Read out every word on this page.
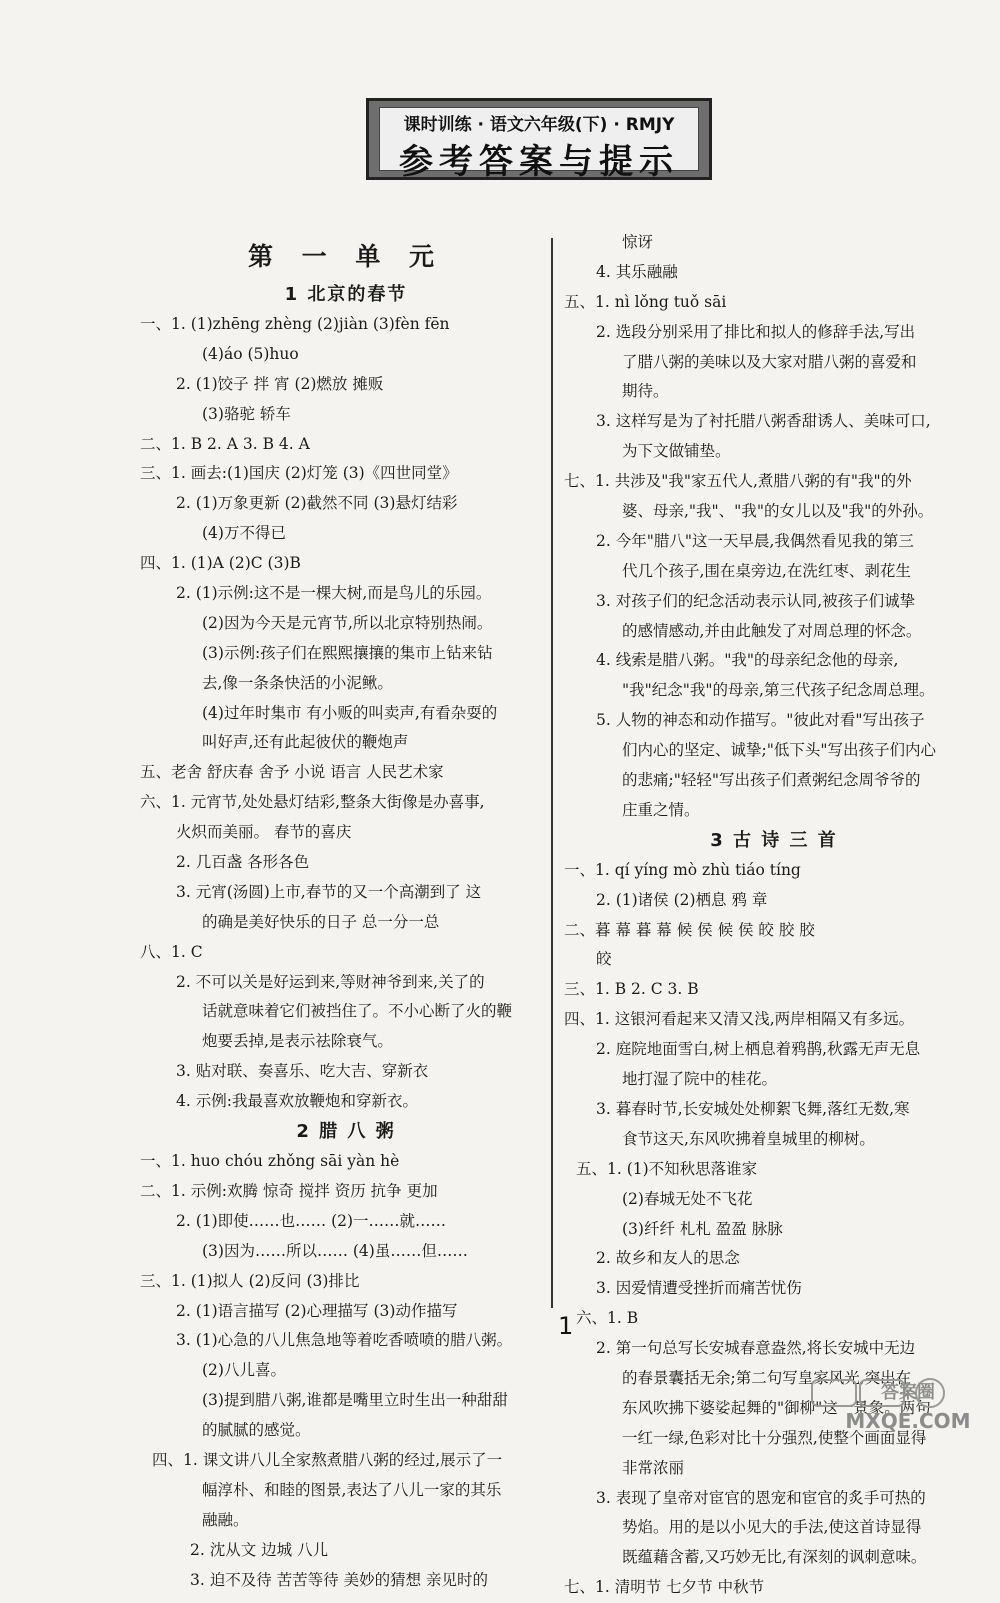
课时训练 · 语文六年级(下) · RMJY
参考答案与提示
第 一 单 元
1 北京的春节
一、1. (1)zhēng zhèng (2)jiàn (3)fèn fēn
(4)áo (5)huo
2. (1)饺子 拌 宵 (2)燃放 摊贩
(3)骆驼 轿车
二、1. B 2. A 3. B 4. A
三、1. 画去:(1)国庆 (2)灯笼 (3)《四世同堂》
2. (1)万象更新 (2)截然不同 (3)悬灯结彩
(4)万不得已
四、1. (1)A (2)C (3)B
2. (1)示例:这不是一棵大树,而是鸟儿的乐园。
(2)因为今天是元宵节,所以北京特别热闹。
(3)示例:孩子们在熙熙攘攘的集市上钻来钻
去,像一条条快活的小泥鳅。
(4)过年时集市 有小贩的叫卖声,有看杂耍的
叫好声,还有此起彼伏的鞭炮声
五、老舍 舒庆春 舍予 小说 语言 人民艺术家
六、1. 元宵节,处处悬灯结彩,整条大街像是办喜事,
火炽而美丽。 春节的喜庆
2. 几百盏 各形各色
3. 元宵(汤圆)上市,春节的又一个高潮到了 这
的确是美好快乐的日子 总一分一总
八、1. C
2. 不可以关是好运到来,等财神爷到来,关了的
话就意味着它们被挡住了。不小心断了火的鞭
炮要丢掉,是表示祛除衰气。
3. 贴对联、奏喜乐、吃大吉、穿新衣
4. 示例:我最喜欢放鞭炮和穿新衣。
2 腊 八 粥
一、1. huo chóu zhǒng sāi yàn hè
二、1. 示例:欢腾 惊奇 搅拌 资历 抗争 更加
2. (1)即使……也…… (2)一……就……
(3)因为……所以…… (4)虽……但……
三、1. (1)拟人 (2)反问 (3)排比
2. (1)语言描写 (2)心理描写 (3)动作描写
3. (1)心急的八儿焦急地等着吃香喷喷的腊八粥。
(2)八儿喜。
(3)提到腊八粥,谁都是嘴里立时生出一种甜甜
的腻腻的感觉。
四、1. 课文讲八儿全家熬煮腊八粥的经过,展示了一
幅淳朴、和睦的图景,表达了八儿一家的其乐
融融。
2. 沈从文 边城 八儿
3. 迫不及待 苦苦等待 美妙的猜想 亲见时的
惊讶
4. 其乐融融
五、1. nì lǒng tuǒ sāi
2. 选段分别采用了排比和拟人的修辞手法,写出
了腊八粥的美味以及大家对腊八粥的喜爱和
期待。
3. 这样写是为了衬托腊八粥香甜诱人、美味可口,
为下文做铺垫。
七、1. 共涉及"我"家五代人,煮腊八粥的有"我"的外
婆、母亲,"我"、"我"的女儿以及"我"的外孙。
2. 今年"腊八"这一天早晨,我偶然看见我的第三
代几个孩子,围在桌旁边,在洗红枣、剥花生
3. 对孩子们的纪念活动表示认同,被孩子们诚挚
的感情感动,并由此触发了对周总理的怀念。
4. 线索是腊八粥。"我"的母亲纪念他的母亲,
"我"纪念"我"的母亲,第三代孩子纪念周总理。
5. 人物的神态和动作描写。"彼此对看"写出孩子
们内心的坚定、诚挚;"低下头"写出孩子们内心
的悲痛;"轻轻"写出孩子们煮粥纪念周爷爷的
庄重之情。
3 古 诗 三 首
一、1. qí yíng mò zhù tiáo tíng
2. (1)诸侯 (2)栖息 鸦 章
二、暮 幕 暮 幕 候 侯 候 侯 皎 胶 胶
皎
三、1. B 2. C 3. B
四、1. 这银河看起来又清又浅,两岸相隔又有多远。
2. 庭院地面雪白,树上栖息着鸦鹊,秋露无声无息
地打湿了院中的桂花。
3. 暮春时节,长安城处处柳絮飞舞,落红无数,寒
食节这天,东风吹拂着皇城里的柳树。
五、1. (1)不知秋思落谁家
(2)春城无处不飞花
(3)纤纤 札札 盈盈 脉脉
2. 故乡和友人的思念
3. 因爱情遭受挫折而痛苦忧伤
六、1. B
2. 第一句总写长安城春意盎然,将长安城中无边
的春景囊括无余;第二句写皇家风光,突出在
东风吹拂下婆娑起舞的"御柳"这一景象。两句
一红一绿,色彩对比十分强烈,使整个画面显得
非常浓丽
3. 表现了皇帝对宦官的恩宠和宦官的炙手可热的
势焰。用的是以小见大的手法,使这首诗显得
既蕴藉含蓄,又巧妙无比,有深刻的讽刺意味。
七、1. 清明节 七夕节 中秋节
1
答案圈
MXQE.COM
